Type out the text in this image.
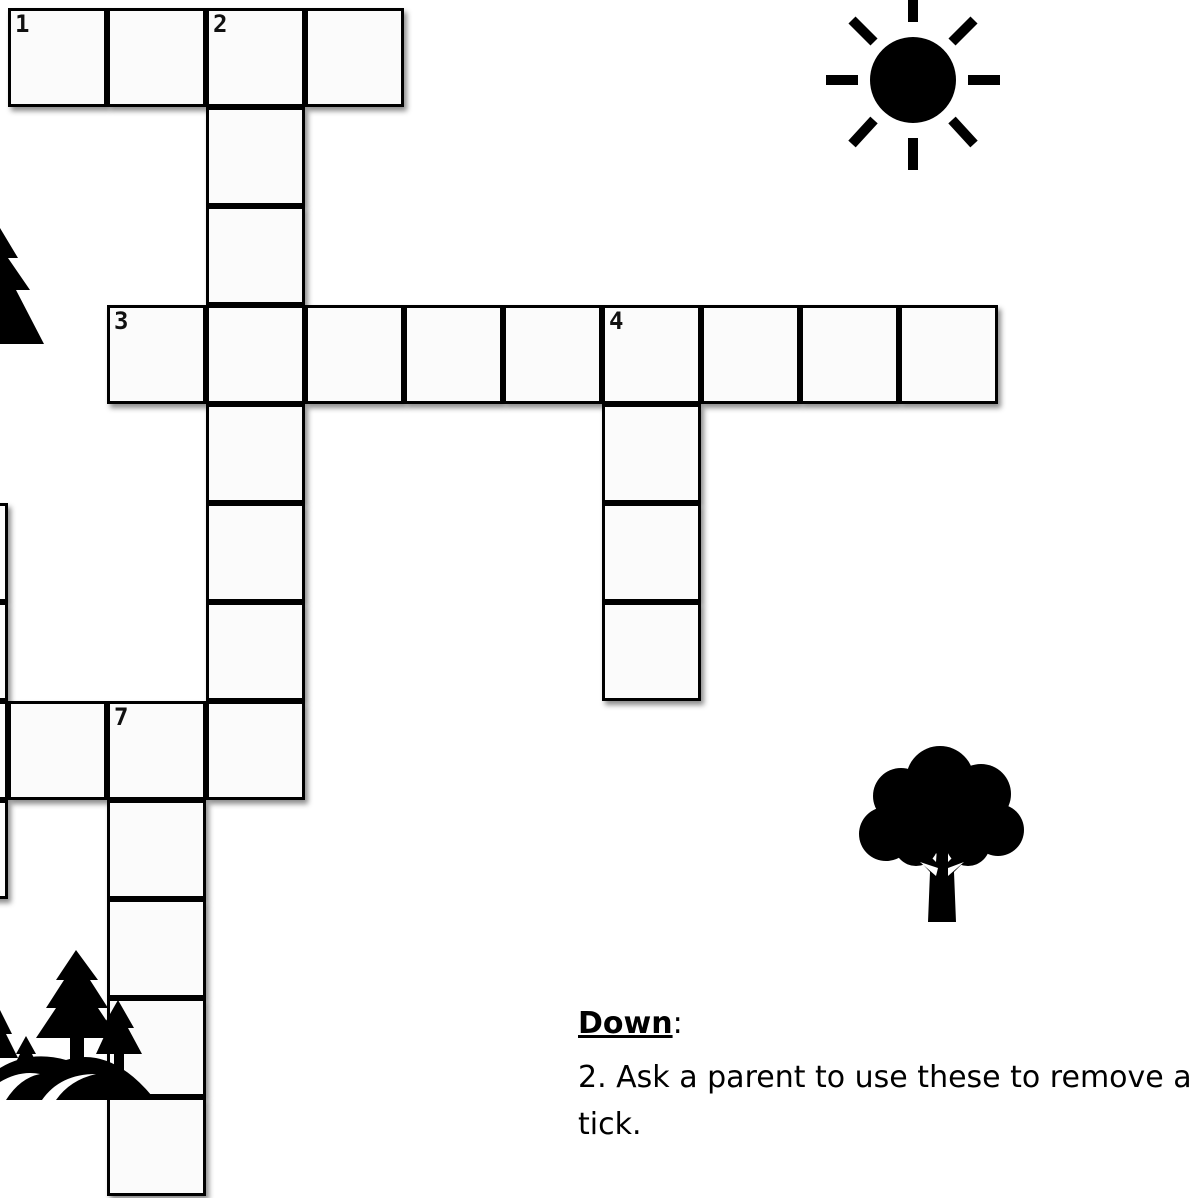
1	2
3	4
7

Down:

2. Ask a parent to use these to remove a tick.
